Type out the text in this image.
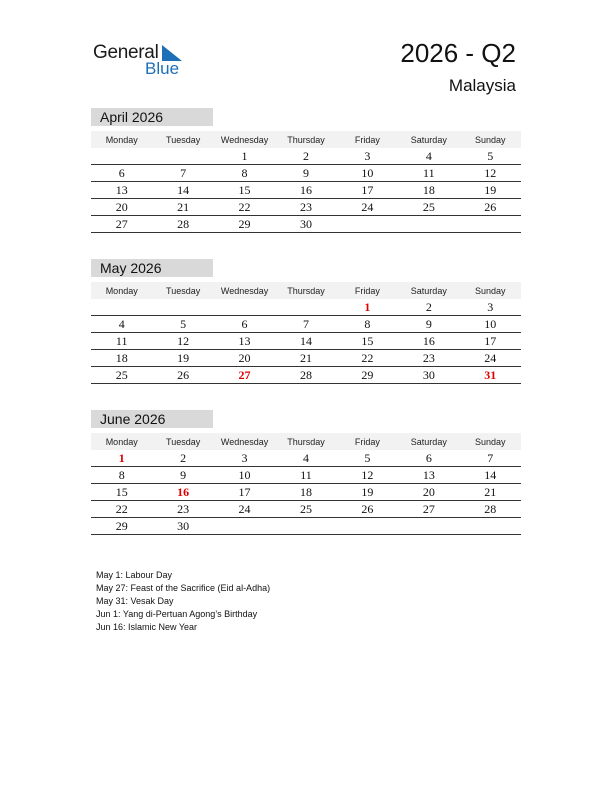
General
Blue
2026 - Q2
Malaysia
April 2026
Monday	Tuesday	Wednesday	Thursday	Friday	Saturday	Sunday
		1	2	3	4	5
6	7	8	9	10	11	12
13	14	15	16	17	18	19
20	21	22	23	24	25	26
27	28	29	30			
May 2026
Monday	Tuesday	Wednesday	Thursday	Friday	Saturday	Sunday
				1	2	3
4	5	6	7	8	9	10
11	12	13	14	15	16	17
18	19	20	21	22	23	24
25	26	27	28	29	30	31
June 2026
Monday	Tuesday	Wednesday	Thursday	Friday	Saturday	Sunday
1	2	3	4	5	6	7
8	9	10	11	12	13	14
15	16	17	18	19	20	21
22	23	24	25	26	27	28
29	30					
May 1: Labour Day
May 27: Feast of the Sacrifice (Eid al-Adha)
May 31: Vesak Day
Jun 1: Yang di-Pertuan Agong’s Birthday
Jun 16: Islamic New Year
